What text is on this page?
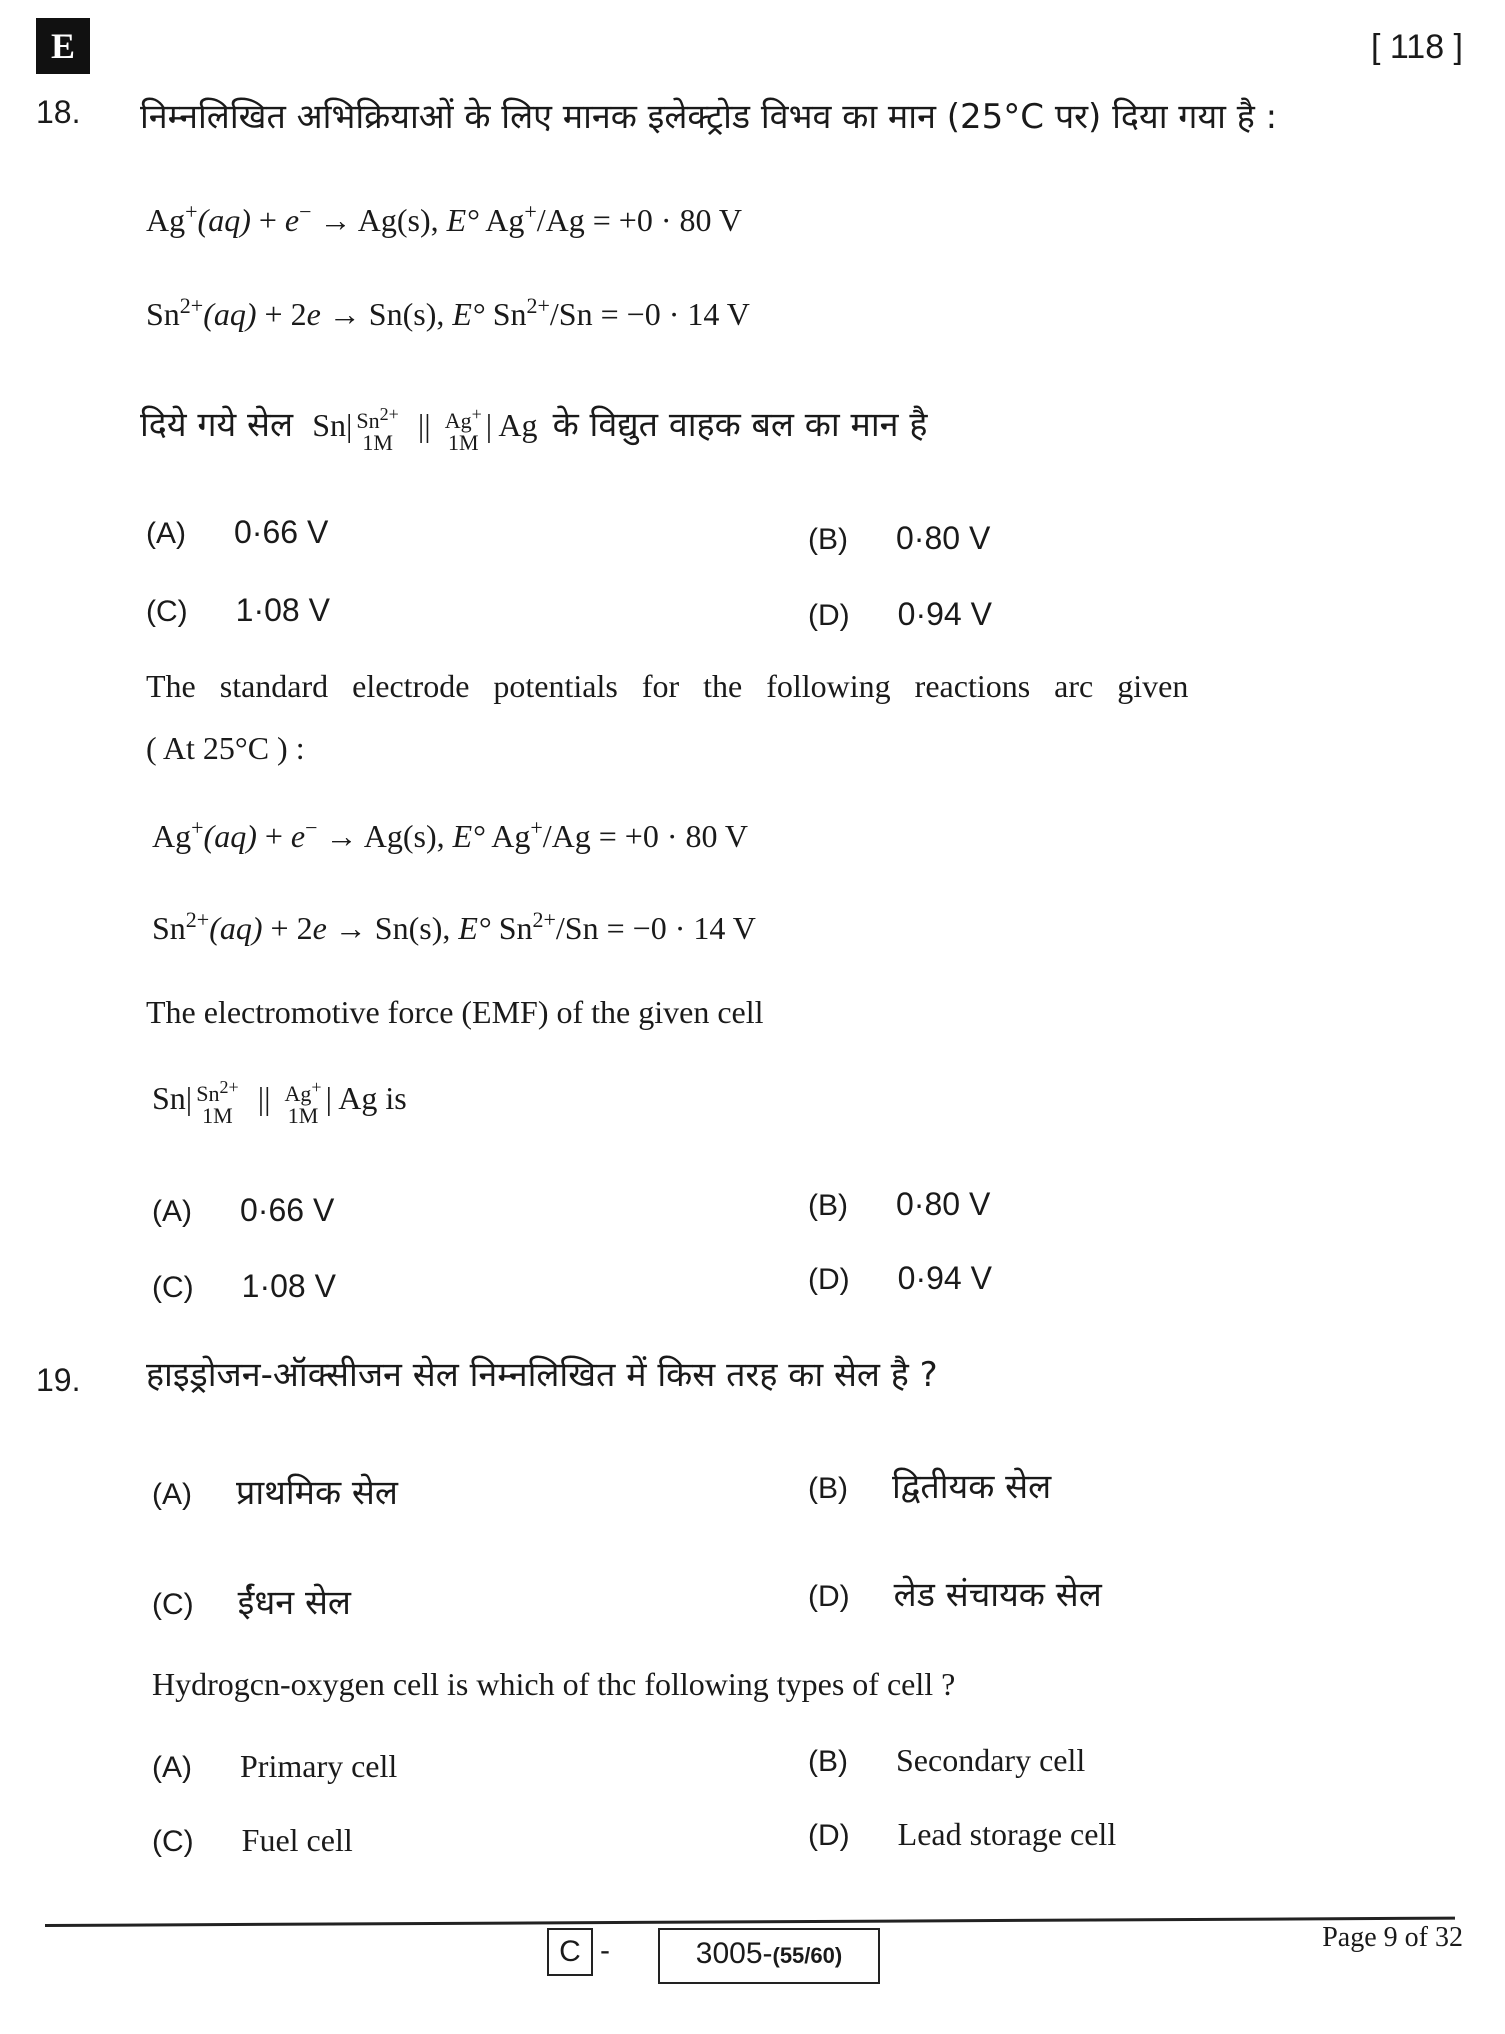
E	[ 118 ]
18. निम्नलिखित अभिक्रियाओं के लिए मानक इलेक्ट्रोड विभव का मान (25°C पर) दिया गया है :
Ag+(aq) + e− → Ag(s), E° Ag+/Ag = +0 · 80 V
$Sn^{2+}(aq) + 2e \to Sn(s)$, E° $Sn^{2+}/Sn = -0 \cdot 14$ V
दिये गये सेल Sn| $Sn^{2+}$
1M || Ag+
1M | Ag के विद्युत वाहक बल का मान है
(A) 0·66 V	(B) 0·80 V
(C) 1·08 V	(D) 0·94 V
The   standard   electrode   potentials   for   the   following   reactions   arc   given
( At 25°C ) :
Ag+(aq) + e− → Ag(s), E° Ag+/Ag = +0 · 80 V
$Sn^{2+}(aq) + 2e \to Sn(s)$, E° $Sn^{2+}/Sn = -0 \cdot 14$ V
The electromotive force (EMF) of the given cell
Sn| $Sn^{2+}$
1M || Ag+
1M | Ag is
(A) 0·66 V	(B) 0·80 V
(C) 1·08 V	(D) 0·94 V
19. हाइड्रोजन-ऑक्सीजन सेल निम्नलिखित में किस तरह का सेल है ?
(A) प्राथमिक सेल	(B) द्वितीयक सेल
(C) ईंधन सेल	(D) लेड संचायक सेल
Hydrogcn-oxygen cell is which of thc following types of cell ?
(A) Primary cell	(B) Secondary cell
(C) Fuel cell	(D) Lead storage cell
C -	3005-(55/60)
Page 9 of 32
